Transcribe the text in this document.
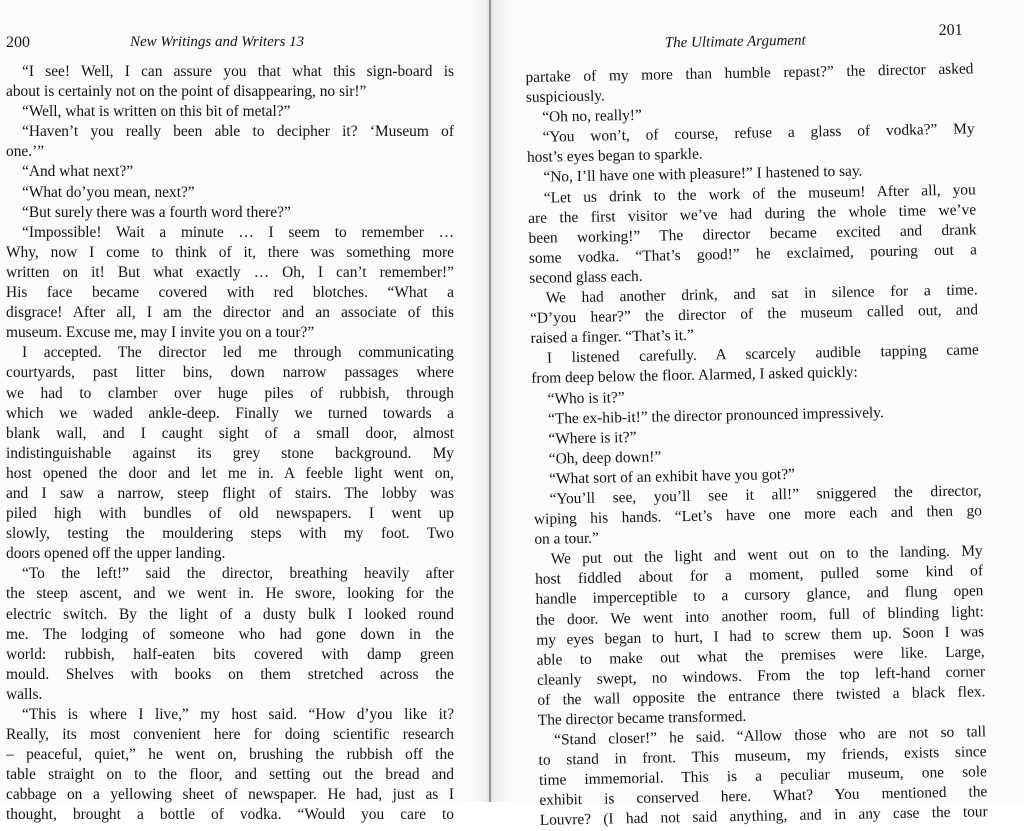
200	New Writings and Writers 13
“I see! Well, I can assure you that what this sign-board is
about is certainly not on the point of disappearing, no sir!”
“Well, what is written on this bit of metal?”
“Haven’t you really been able to decipher it? ‘Museum of
one.’”
“And what next?”
“What do’you mean, next?”
“But surely there was a fourth word there?”
“Impossible! Wait a minute … I seem to remember …
Why, now I come to think of it, there was something more
written on it! But what exactly … Oh, I can’t remember!”
His face became covered with red blotches. “What a
disgrace! After all, I am the director and an associate of this
museum. Excuse me, may I invite you on a tour?”
I accepted. The director led me through communicating
courtyards, past litter bins, down narrow passages where
we had to clamber over huge piles of rubbish, through
which we waded ankle-deep. Finally we turned towards a
blank wall, and I caught sight of a small door, almost
indistinguishable against its grey stone background. My
host opened the door and let me in. A feeble light went on,
and I saw a narrow, steep flight of stairs. The lobby was
piled high with bundles of old newspapers. I went up
slowly, testing the mouldering steps with my foot. Two
doors opened off the upper landing.
“To the left!” said the director, breathing heavily after
the steep ascent, and we went in. He swore, looking for the
electric switch. By the light of a dusty bulk I looked round
me. The lodging of someone who had gone down in the
world: rubbish, half-eaten bits covered with damp green
mould. Shelves with books on them stretched across the
walls.
“This is where I live,” my host said. “How d’you like it?
Really, its most convenient here for doing scientific research
– peaceful, quiet,” he went on, brushing the rubbish off the
table straight on to the floor, and setting out the bread and
cabbage on a yellowing sheet of newspaper. He had, just as I
thought, brought a bottle of vodka. “Would you care to
The Ultimate Argument
201
partake of my more than humble repast?” the director asked
suspiciously.
“Oh no, really!”
“You won’t, of course, refuse a glass of vodka?” My
host’s eyes began to sparkle.
“No, I’ll have one with pleasure!” I hastened to say.
“Let us drink to the work of the museum! After all, you
are the first visitor we’ve had during the whole time we’ve
been working!” The director became excited and drank
some vodka. “That’s good!” he exclaimed, pouring out a
second glass each.
We had another drink, and sat in silence for a time.
“D’you hear?” the director of the museum called out, and
raised a finger. “That’s it.”
I listened carefully. A scarcely audible tapping came
from deep below the floor. Alarmed, I asked quickly:
“Who is it?”
“The ex-hib-it!” the director pronounced impressively.
“Where is it?”
“Oh, deep down!”
“What sort of an exhibit have you got?”
“You’ll see, you’ll see it all!” sniggered the director,
wiping his hands. “Let’s have one more each and then go
on a tour.”
We put out the light and went out on to the landing. My
host fiddled about for a moment, pulled some kind of
handle imperceptible to a cursory glance, and flung open
the door. We went into another room, full of blinding light:
my eyes began to hurt, I had to screw them up. Soon I was
able to make out what the premises were like. Large,
cleanly swept, no windows. From the top left-hand corner
of the wall opposite the entrance there twisted a black flex.
The director became transformed.
“Stand closer!” he said. “Allow those who are not so tall
to stand in front. This museum, my friends, exists since
time immemorial. This is a peculiar museum, one sole
exhibit is conserved here. What? You mentioned the
Louvre? (I had not said anything, and in any case the tour
